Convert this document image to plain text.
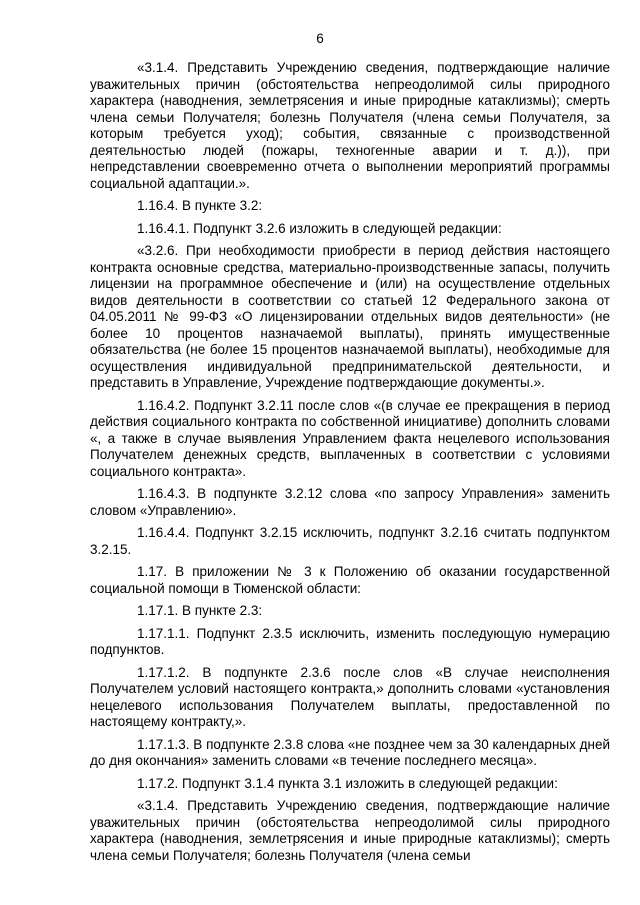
6

«3.1.4. Представить Учреждению сведения, подтверждающие наличие уважительных причин (обстоятельства непреодолимой силы природного характера (наводнения, землетрясения и иные природные катаклизмы); смерть члена семьи Получателя; болезнь Получателя (члена семьи Получателя, за которым требуется уход); события, связанные с производственной деятельностью людей (пожары, техногенные аварии и т. д.)), при непредставлении своевременно отчета о выполнении мероприятий программы социальной адаптации.».

1.16.4. В пункте 3.2:

1.16.4.1. Подпункт 3.2.6 изложить в следующей редакции:

«3.2.6. При необходимости приобрести в период действия настоящего контракта основные средства, материально-производственные запасы, получить лицензии на программное обеспечение и (или) на осуществление отдельных видов деятельности в соответствии со статьей 12 Федерального закона от 04.05.2011 № 99-ФЗ «О лицензировании отдельных видов деятельности» (не более 10 процентов назначаемой выплаты), принять имущественные обязательства (не более 15 процентов назначаемой выплаты), необходимые для осуществления индивидуальной предпринимательской деятельности, и представить в Управление, Учреждение подтверждающие документы.».

1.16.4.2. Подпункт 3.2.11 после слов «(в случае ее прекращения в период действия социального контракта по собственной инициативе) дополнить словами «, а также в случае выявления Управлением факта нецелевого использования Получателем денежных средств, выплаченных в соответствии с условиями социального контракта».

1.16.4.3. В подпункте 3.2.12 слова «по запросу Управления» заменить словом «Управлению».

1.16.4.4. Подпункт 3.2.15 исключить, подпункт 3.2.16 считать подпунктом 3.2.15.

1.17. В приложении № 3 к Положению об оказании государственной социальной помощи в Тюменской области:

1.17.1. В пункте 2.3:

1.17.1.1. Подпункт 2.3.5 исключить, изменить последующую нумерацию подпунктов.

1.17.1.2. В подпункте 2.3.6 после слов «В случае неисполнения Получателем условий настоящего контракта,» дополнить словами «установления нецелевого использования Получателем выплаты, предоставленной по настоящему контракту,».

1.17.1.3. В подпункте 2.3.8 слова «не позднее чем за 30 календарных дней до дня окончания» заменить словами «в течение последнего месяца».

1.17.2. Подпункт 3.1.4 пункта 3.1 изложить в следующей редакции:

«3.1.4. Представить Учреждению сведения, подтверждающие наличие уважительных причин (обстоятельства непреодолимой силы природного характера (наводнения, землетрясения и иные природные катаклизмы); смерть члена семьи Получателя; болезнь Получателя (члена семьи
